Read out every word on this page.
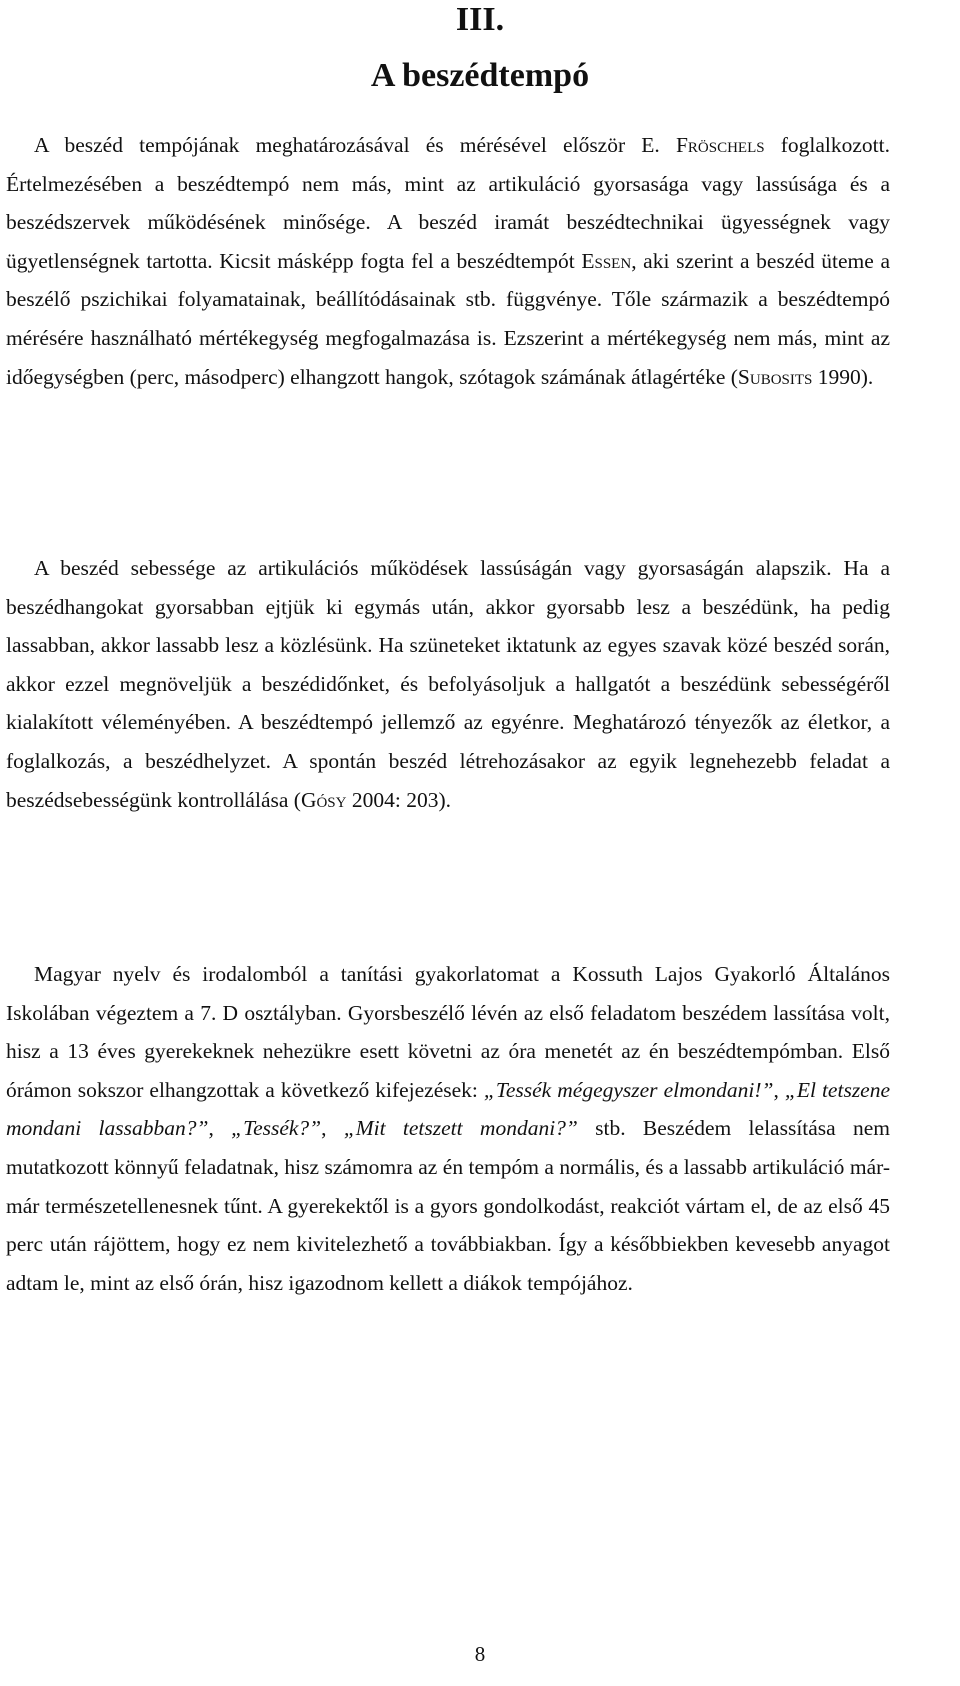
III.
A beszédtempó

A beszéd tempójának meghatározásával és mérésével először E. Fröschels foglalkozott. Értelmezésében a beszédtempó nem más, mint az artikuláció gyorsasága vagy lassúsága és a beszédszervek működésének minősége. A beszéd iramát beszédtechnikai ügyességnek vagy ügyetlenségnek tartotta. Kicsit másképp fogta fel a beszédtempót Essen, aki szerint a beszéd üteme a beszélő pszichikai folyamatainak, beállítódásainak stb. függvénye. Tőle származik a beszédtempó mérésére használható mértékegység megfogalmazása is. Ezszerint a mértékegység nem más, mint az időegységben (perc, másodperc) elhangzott hangok, szótagok számának átlagértéke (Subosits 1990).

A beszéd sebessége az artikulációs működések lassúságán vagy gyorsaságán alapszik. Ha a beszédhangokat gyorsabban ejtjük ki egymás után, akkor gyorsabb lesz a beszédünk, ha pedig lassabban, akkor lassabb lesz a közlésünk. Ha szüneteket iktatunk az egyes szavak közé beszéd során, akkor ezzel megnöveljük a beszédidőnket, és befolyásoljuk a hallgatót a beszédünk sebességéről kialakított véleményében. A beszédtempó jellemző az egyénre. Meghatározó tényezők az életkor, a foglalkozás, a beszédhelyzet. A spontán beszéd létrehozásakor az egyik legnehezebb feladat a beszédsebességünk kontrollálása (Gósy 2004: 203).

Magyar nyelv és irodalomból a tanítási gyakorlatomat a Kossuth Lajos Gyakorló Általános Iskolában végeztem a 7. D osztályban. Gyorsbeszélő lévén az első feladatom beszédem lassítása volt, hisz a 13 éves gyerekeknek nehezükre esett követni az óra menetét az én beszédtempómban. Első órámon sokszor elhangzottak a következő kifejezések: „Tessék mégegyszer elmondani!”, „El tetszene mondani lassabban?”, „Tessék?”, „Mit tetszett mondani?” stb. Beszédem lelassítása nem mutatkozott könnyű feladatnak, hisz számomra az én tempóm a normális, és a lassabb artikuláció már-már természetellenesnek tűnt. A gyerekektől is a gyors gondolkodást, reakciót vártam el, de az első 45 perc után rájöttem, hogy ez nem kivitelezhető a továbbiakban. Így a későbbiekben kevesebb anyagot adtam le, mint az első órán, hisz igazodnom kellett a diákok tempójához.

8
